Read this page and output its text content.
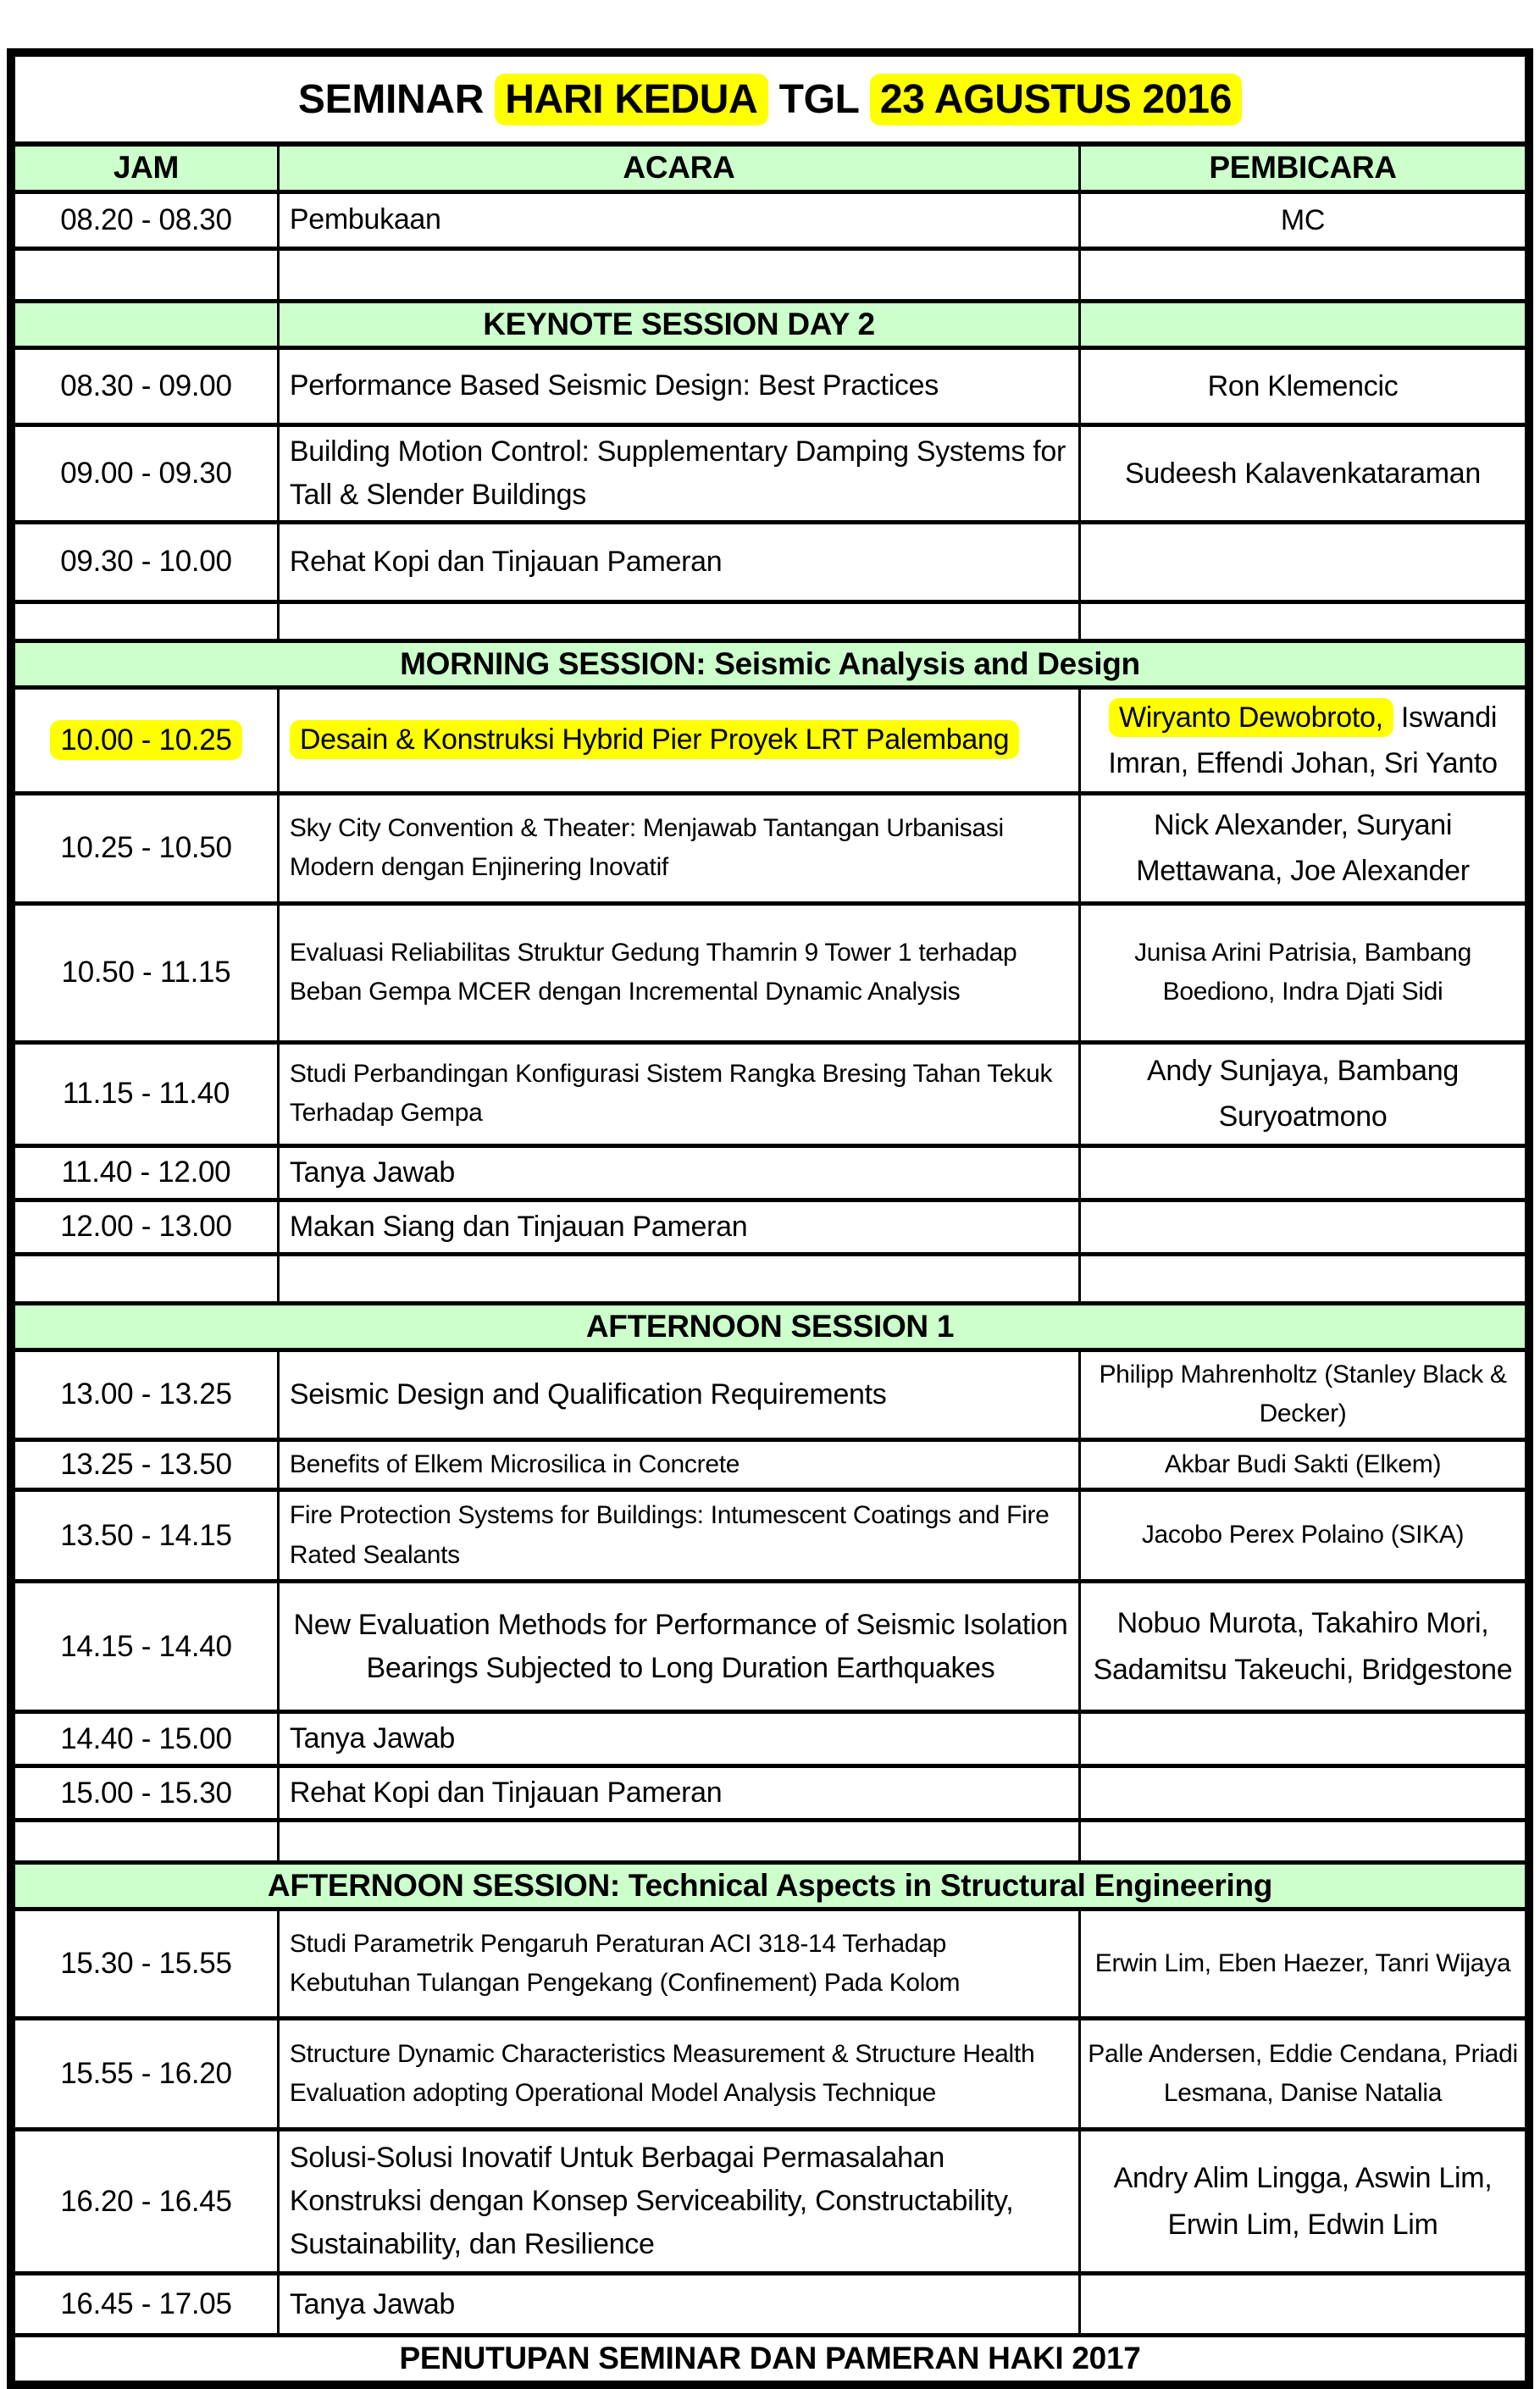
SEMINAR HARI KEDUA TGL 23 AGUSTUS 2016		
JAM	ACARA	PEMBICARA
08.20 - 08.30	Pembukaan	MC

	KEYNOTE SESSION DAY 2	
08.30 - 09.00	Performance Based Seismic Design: Best Practices	Ron Klemencic
09.00 - 09.30	Building Motion Control: Supplementary Damping Systems for Tall & Slender Buildings	Sudeesh Kalavenkataraman
09.30 - 10.00	Rehat Kopi dan Tinjauan Pameran	

MORNING SESSION: Seismic Analysis and Design		
10.00 - 10.25	Desain & Konstruksi Hybrid Pier Proyek LRT Palembang	Wiryanto Dewobroto, Iswandi Imran, Effendi Johan, Sri Yanto
10.25 - 10.50	Sky City Convention & Theater: Menjawab Tantangan Urbanisasi Modern dengan Enjinering Inovatif	Nick Alexander, Suryani Mettawana, Joe Alexander
10.50 - 11.15	Evaluasi Reliabilitas Struktur Gedung Thamrin 9 Tower 1 terhadap Beban Gempa MCER dengan Incremental Dynamic Analysis	Junisa Arini Patrisia, Bambang Boediono, Indra Djati Sidi
11.15 - 11.40	Studi Perbandingan Konfigurasi Sistem Rangka Bresing Tahan Tekuk Terhadap Gempa	Andy Sunjaya, Bambang Suryoatmono
11.40 - 12.00	Tanya Jawab	
12.00 - 13.00	Makan Siang dan Tinjauan Pameran	

AFTERNOON SESSION 1		
13.00 - 13.25	Seismic Design and Qualification Requirements	Philipp Mahrenholtz (Stanley Black & Decker)
13.25 - 13.50	Benefits of Elkem Microsilica in Concrete	Akbar Budi Sakti (Elkem)
13.50 - 14.15	Fire Protection Systems for Buildings: Intumescent Coatings and Fire Rated Sealants	Jacobo Perex Polaino (SIKA)
14.15 - 14.40	New Evaluation Methods for Performance of Seismic Isolation Bearings Subjected to Long Duration Earthquakes	Nobuo Murota, Takahiro Mori, Sadamitsu Takeuchi, Bridgestone
14.40 - 15.00	Tanya Jawab	
15.00 - 15.30	Rehat Kopi dan Tinjauan Pameran	

AFTERNOON SESSION: Technical Aspects in Structural Engineering		
15.30 - 15.55	Studi Parametrik Pengaruh Peraturan ACI 318-14 Terhadap Kebutuhan Tulangan Pengekang (Confinement) Pada Kolom	Erwin Lim, Eben Haezer, Tanri Wijaya
15.55 - 16.20	Structure Dynamic Characteristics Measurement & Structure Health Evaluation adopting Operational Model Analysis Technique	Palle Andersen, Eddie Cendana, Priadi Lesmana, Danise Natalia
16.20 - 16.45	Solusi-Solusi Inovatif Untuk Berbagai Permasalahan Konstruksi dengan Konsep Serviceability, Constructability, Sustainability, dan Resilience	Andry Alim Lingga, Aswin Lim, Erwin Lim, Edwin Lim
16.45 - 17.05	Tanya Jawab	
PENUTUPAN SEMINAR DAN PAMERAN HAKI 2017		
